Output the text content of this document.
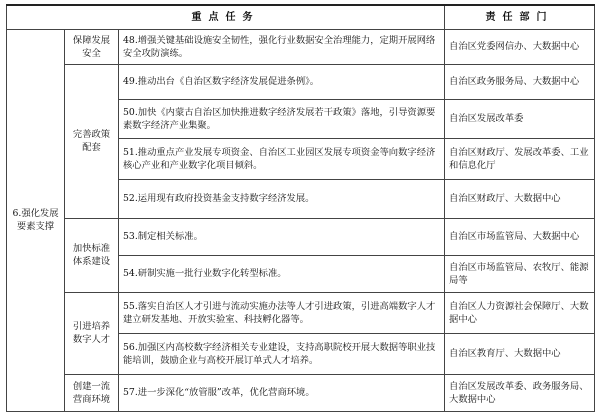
重点任务			责任部门
6.强化发展要素支撑	保障发展安全	48.增强关键基础设施安全韧性，强化行业数据安全治理能力，定期开展网络安全攻防演练。	自治区党委网信办、大数据中心
	完善政策配套	49.推动出台《自治区数字经济发展促进条例》。	自治区政务服务局、大数据中心
		50.加快《内蒙古自治区加快推进数字经济发展若干政策》落地，引导资源要素数字经济产业集聚。	自治区发展改革委
		51.推动重点产业发展专项资金、自治区工业园区发展专项资金等向数字经济核心产业和产业数字化项目倾斜。	自治区财政厅、发展改革委、工业和信息化厅
		52.运用现有政府投资基金支持数字经济发展。	自治区财政厅、大数据中心
	加快标准体系建设	53.制定相关标准。	自治区市场监管局、大数据中心
		54.研制实施一批行业数字化转型标准。	自治区市场监管局、农牧厅、能源局等
	引进培养数字人才	55.落实自治区人才引进与流动实施办法等人才引进政策，引进高端数字人才建立研发基地、开放实验室、科技孵化器等。	自治区人力资源社会保障厅、大数据中心
		56.加强区内高校数字经济相关专业建设，支持高职院校开展大数据等职业技能培训，鼓励企业与高校开展订单式人才培养。	自治区教育厅、大数据中心
	创建一流营商环境	57.进一步深化“放管服”改革，优化营商环境。	自治区发展改革委、政务服务局、大数据中心
